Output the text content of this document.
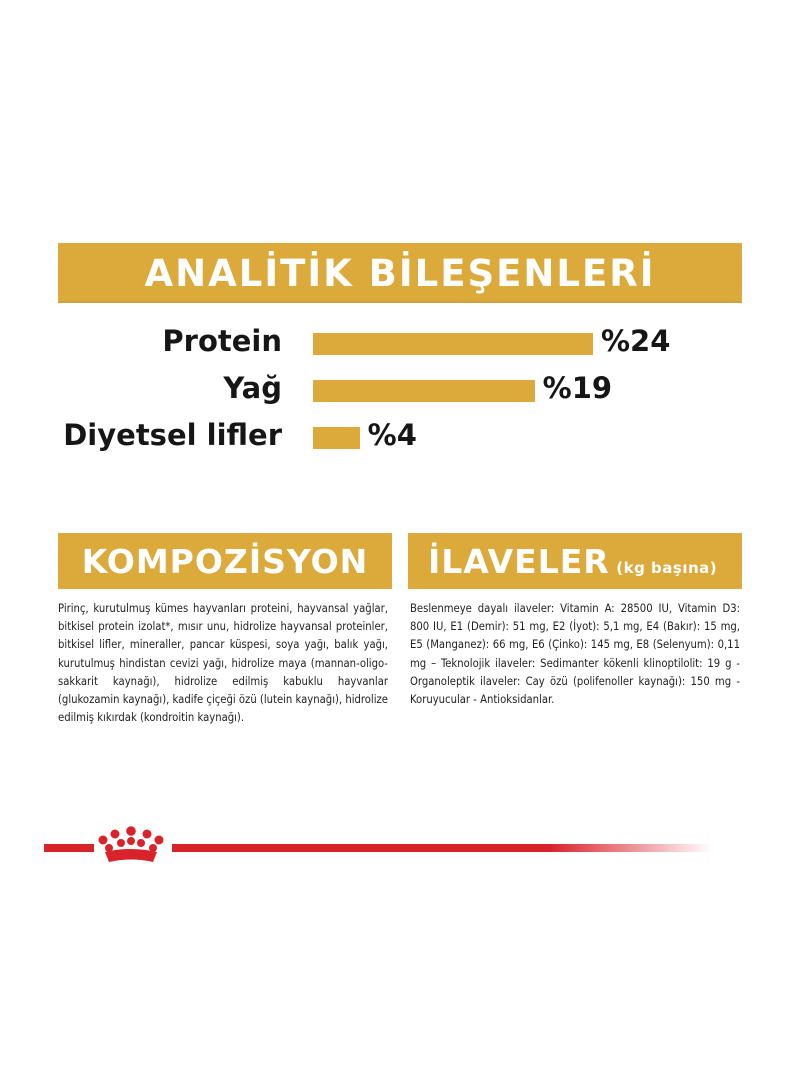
ANALİTİK BİLEŞENLERİ
Protein	%24
Yağ	%19
Diyetsel lifler	%4
KOMPOZİSYON
Pirinç, kurutulmuş kümes hayvanları proteini, hayvansal yağlar, bitkisel protein izolat*, mısır unu, hidrolize hayvansal proteinler, bitkisel lifler, mineraller, pancar küspesi, soya yağı, balık yağı, kurutulmuş hindistan cevizi yağı, hidrolize maya (mannan-oligo-sakkarit kaynağı), hidrolize edilmiş kabuklu hayvanlar (glukozamin kaynağı), kadife çiçeği özü (lutein kaynağı), hidrolize edilmiş kıkırdak (kondroitin kaynağı).
İLAVELER (kg başına)
Beslenmeye dayalı ilaveler: Vitamin A: 28500 IU, Vitamin D3: 800 IU, E1 (Demir): 51 mg, E2 (İyot): 5,1 mg, E4 (Bakır): 15 mg, E5 (Manganez): 66 mg, E6 (Çinko): 145 mg, E8 (Selenyum): 0,11 mg – Teknolojik ilaveler: Sedimanter kökenli klinoptilolit: 19 g - Organoleptik ilaveler: Cay özü (polifenoller kaynağı): 150 mg - Koruyucular - Antioksidanlar.
